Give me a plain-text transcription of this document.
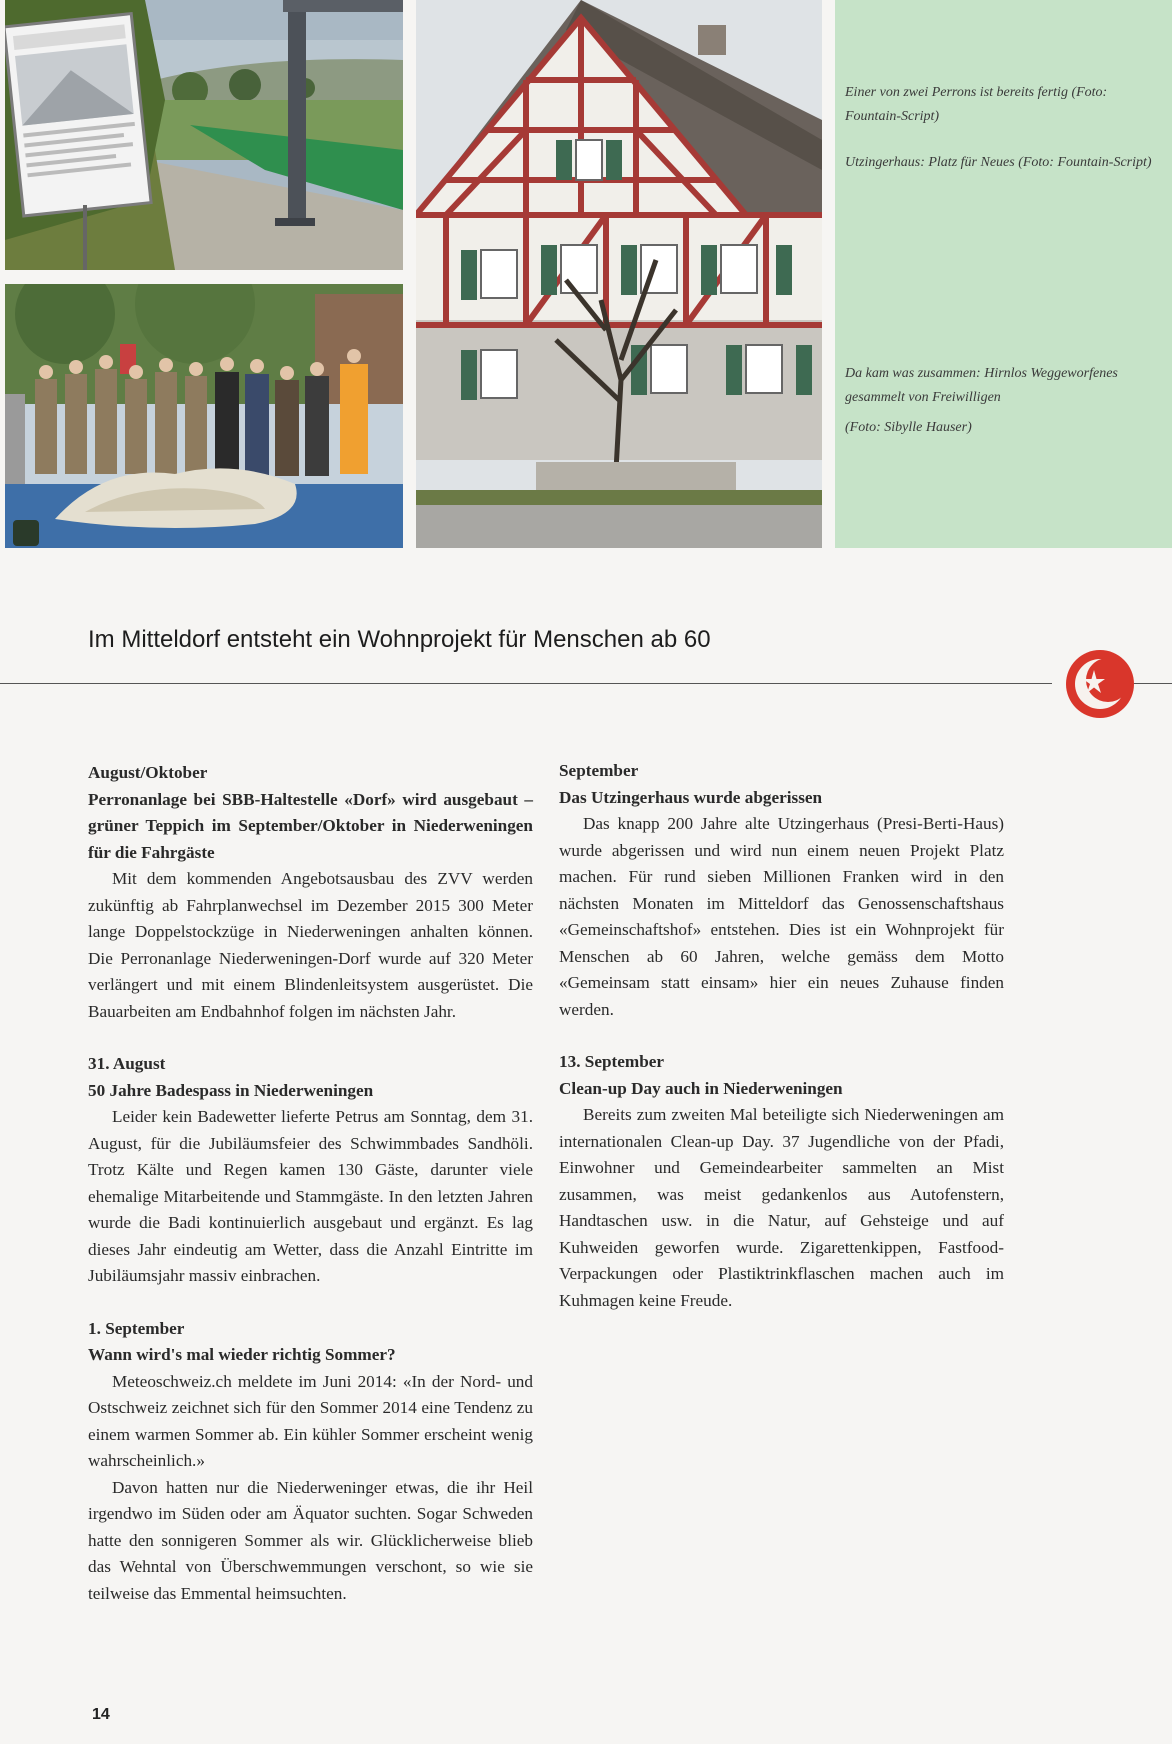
Einer von zwei Perrons ist bereits fertig (Foto: Fountain-Script)

Utzingerhaus: Platz für Neues (Foto: Fountain-Script)

Da kam was zusammen: Hirnlos Weggeworfenes gesammelt von Freiwilligen

(Foto: Sibylle Hauser)

Im Mitteldorf entsteht ein Wohnprojekt für Menschen ab 60
August/Oktober
Perronanlage bei SBB-Haltestelle «Dorf» wird ausgebaut – grüner Teppich im September/Oktober in Niederweningen für die Fahrgäste

Mit dem kommenden Angebotsausbau des ZVV werden zukünftig ab Fahrplanwechsel im Dezember 2015 300 Meter lange Doppelstockzüge in Niederweningen anhalten können. Die Perronanlage Niederweningen-Dorf wurde auf 320 Meter verlängert und mit einem Blindenleitsystem ausgerüstet. Die Bauarbeiten am Endbahnhof folgen im nächsten Jahr.

31. August
50 Jahre Badespass in Niederweningen

Leider kein Badewetter lieferte Petrus am Sonntag, dem 31. August, für die Jubiläumsfeier des Schwimmbades Sandhöli. Trotz Kälte und Regen kamen 130 Gäste, darunter viele ehemalige Mitarbeitende und Stammgäste. In den letzten Jahren wurde die Badi kontinuierlich ausgebaut und ergänzt. Es lag dieses Jahr eindeutig am Wetter, dass die Anzahl Eintritte im Jubiläumsjahr massiv einbrachen.

1. September
Wann wird's mal wieder richtig Sommer?

Meteoschweiz.ch meldete im Juni 2014: «In der Nord- und Ostschweiz zeichnet sich für den Sommer 2014 eine Tendenz zu einem warmen Sommer ab. Ein kühler Sommer erscheint wenig wahrscheinlich.»

Davon hatten nur die Niederweninger etwas, die ihr Heil irgendwo im Süden oder am Äquator suchten. Sogar Schweden hatte den sonnigeren Sommer als wir. Glücklicherweise blieb das Wehntal von Überschwemmungen verschont, so wie sie teilweise das Emmental heimsuchten.

September
Das Utzingerhaus wurde abgerissen

Das knapp 200 Jahre alte Utzingerhaus (Presi-Berti-Haus) wurde abgerissen und wird nun einem neuen Projekt Platz machen. Für rund sieben Millionen Franken wird in den nächsten Monaten im Mitteldorf das Genossenschaftshaus «Gemeinschaftshof» entstehen. Dies ist ein Wohnprojekt für Menschen ab 60 Jahren, welche gemäss dem Motto «Gemeinsam statt einsam» hier ein neues Zuhause finden werden.

13. September
Clean-up Day auch in Niederweningen

Bereits zum zweiten Mal beteiligte sich Niederweningen am internationalen Clean-up Day. 37 Jugendliche von der Pfadi, Einwohner und Gemeindearbeiter sammelten an Mist zusammen, was meist gedankenlos aus Autofenstern, Handtaschen usw. in die Natur, auf Gehsteige und auf Kuhweiden geworfen wurde. Zigarettenkippen, Fastfood-Verpackungen oder Plastiktrinkflaschen machen auch im Kuhmagen keine Freude.

14
